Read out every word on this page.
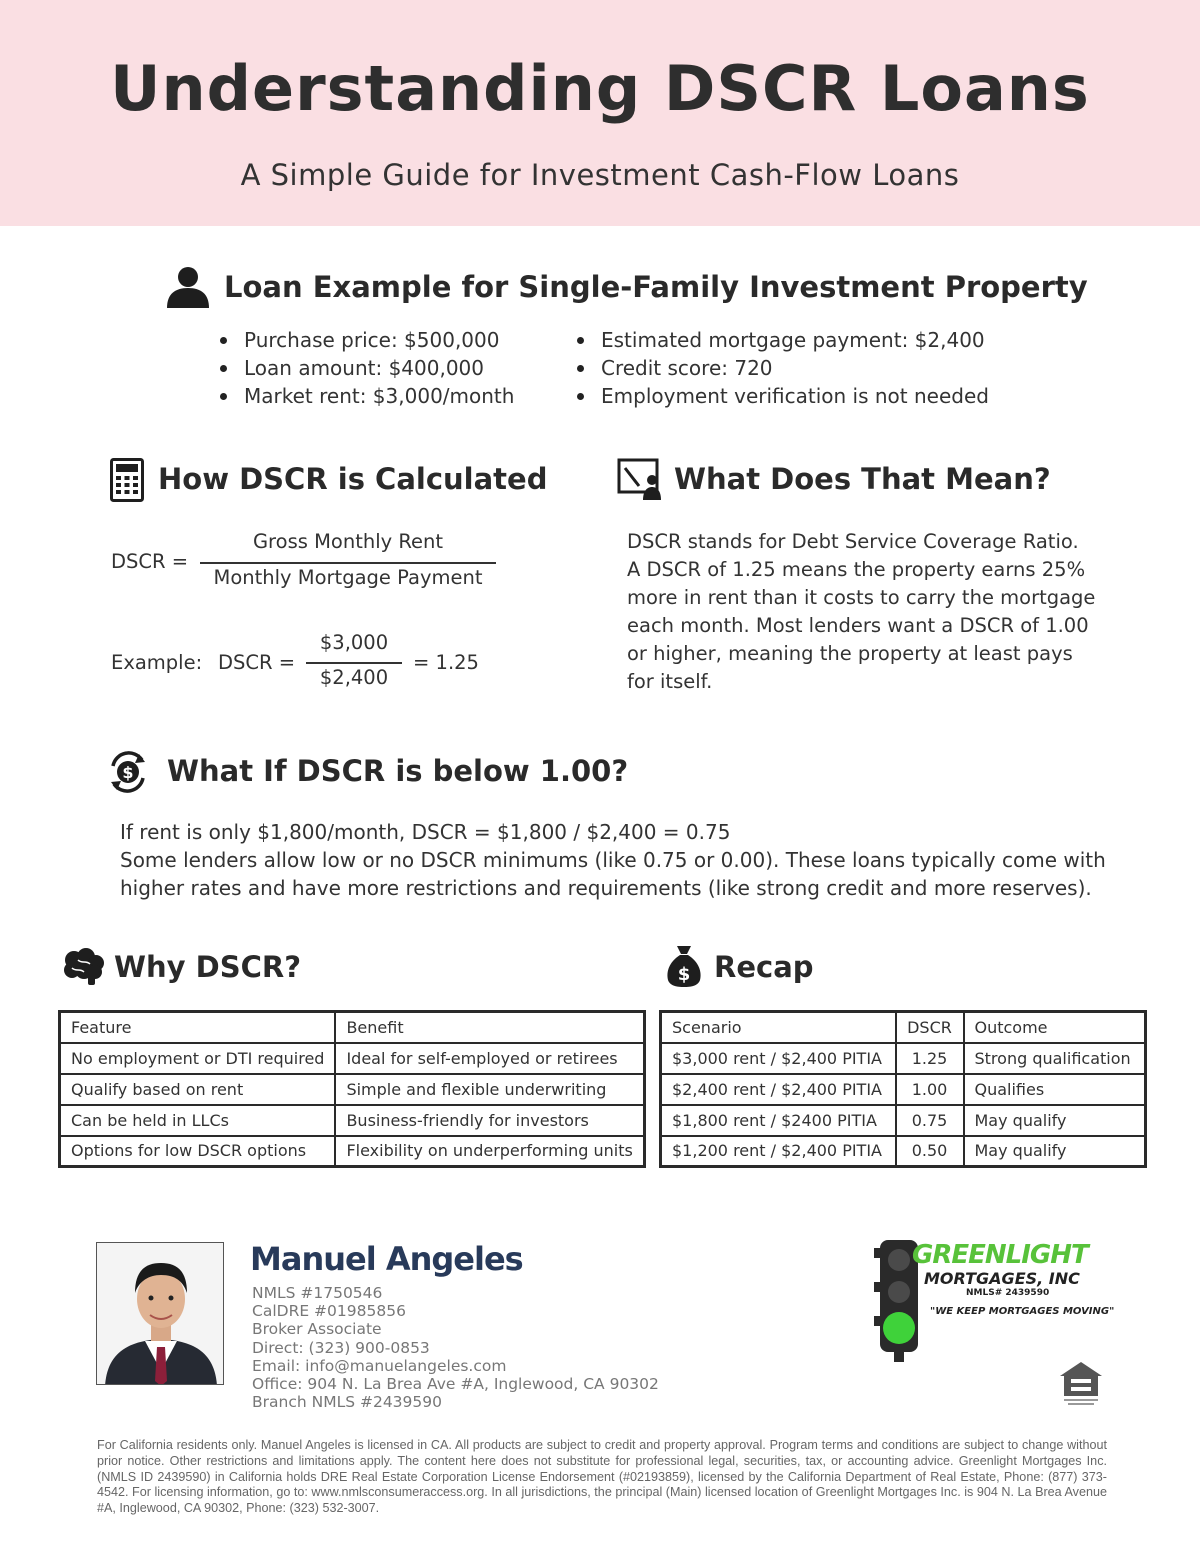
Understanding DSCR Loans
A Simple Guide for Investment Cash-Flow Loans
Loan Example for Single-Family Investment Property
Purchase price: $500,000
Loan amount: $400,000
Market rent: $3,000/month
Estimated mortgage payment: $2,400
Credit score: 720
Employment verification is not needed
How DSCR is Calculated
DSCR =
Gross Monthly Rent
Monthly Mortgage Payment
Example: DSCR =
$3,000
$2,400
= 1.25
What Does That Mean?
DSCR stands for Debt Service Coverage Ratio.
A DSCR of 1.25 means the property earns 25%
more in rent than it costs to carry the mortgage
each month. Most lenders want a DSCR of 1.00
or higher, meaning the property at least pays
for itself.
$ What If DSCR is below 1.00?
If rent is only $1,800/month, DSCR = $1,800 / $2,400 = 0.75
Some lenders allow low or no DSCR minimums (like 0.75 or 0.00). These loans typically come with
higher rates and have more restrictions and requirements (like strong credit and more reserves).
Why DSCR?
Feature	Benefit
No employment or DTI required	Ideal for self-employed or retirees
Qualify based on rent	Simple and flexible underwriting
Can be held in LLCs	Business-friendly for investors
Options for low DSCR options	Flexibility on underperforming units
$ Recap
Scenario	DSCR	Outcome
$3,000 rent / $2,400 PITIA	1.25	Strong qualification
$2,400 rent / $2,400 PITIA	1.00	Qualifies
$1,800 rent / $2400 PITIA	0.75	May qualify
$1,200 rent / $2,400 PITIA	0.50	May qualify
Manuel Angeles
NMLS #1750546
CalDRE #01985856
Broker Associate
Direct: (323) 900-0853
Email: info@manuelangeles.com
Office: 904 N. La Brea Ave #A, Inglewood, CA 90302
Branch NMLS #2439590
GREENLIGHT
MORTGAGES, INC
NMLS# 2439590
"WE KEEP MORTGAGES MOVING"
For California residents only. Manuel Angeles is licensed in CA. All products are subject to credit and property approval. Program terms and conditions are subject to change without prior notice. Other restrictions and limitations apply. The content here does not substitute for professional legal, securities, tax, or accounting advice. Greenlight Mortgages Inc. (NMLS ID 2439590) in California holds DRE Real Estate Corporation License Endorsement (#02193859), licensed by the California Department of Real Estate, Phone: (877) 373-4542. For licensing information, go to: www.nmlsconsumeraccess.org. In all jurisdictions, the principal (Main) licensed location of Greenlight Mortgages Inc. is 904 N. La Brea Avenue #A, Inglewood, CA 90302, Phone: (323) 532-3007.
